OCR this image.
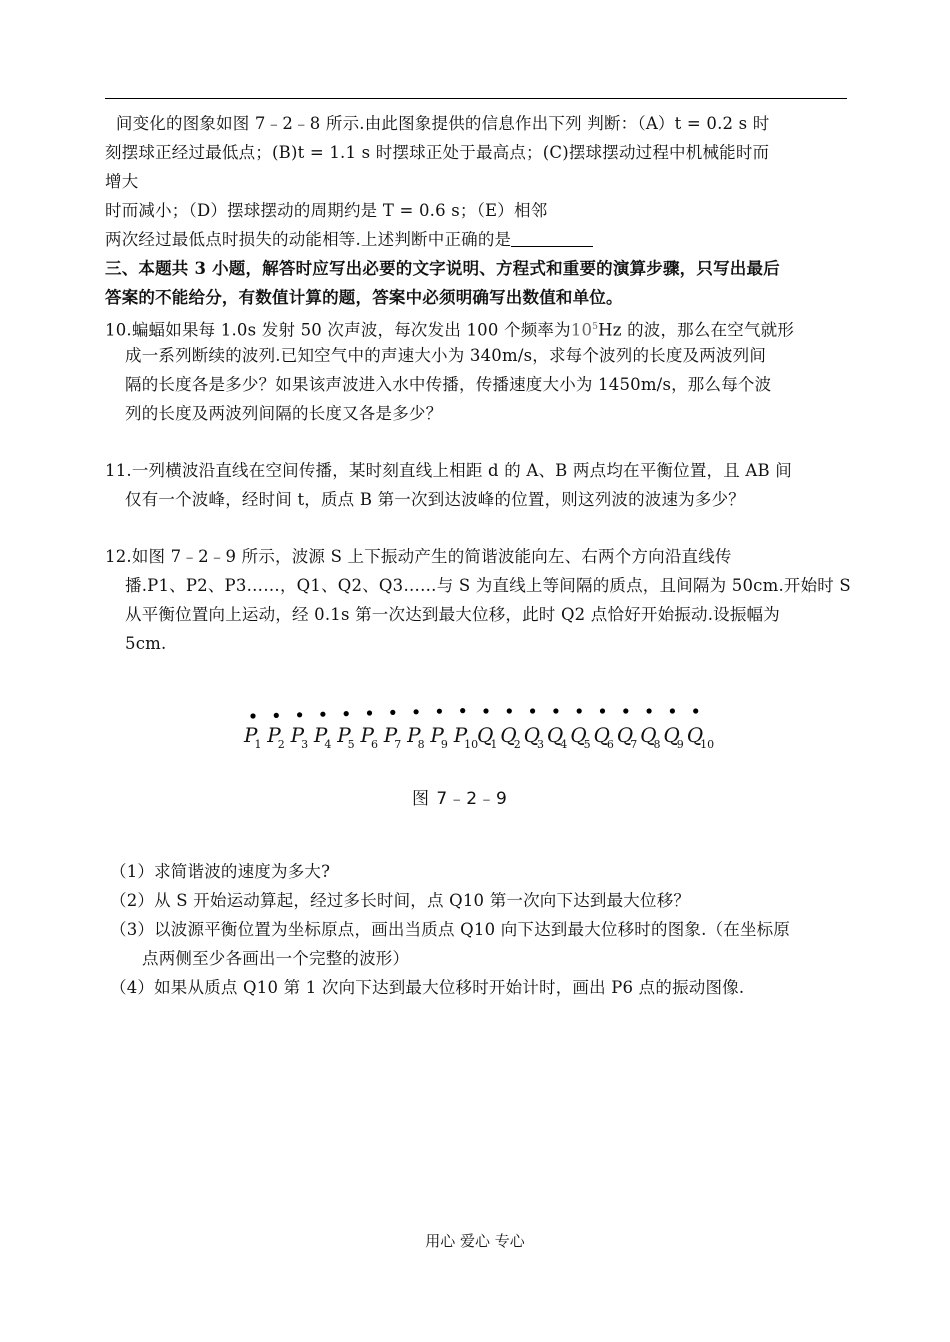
间变化的图象如图 7﹣2﹣8 所示.由此图象提供的信息作出下列 判断：（A）t = 0.2 s 时
刻摆球正经过最低点；(B)t = 1.1 s 时摆球正处于最高点；(C)摆球摆动过程中机械能时而
增大
时而减小；（D）摆球摆动的周期约是 T = 0.6 s；（E）相邻
两次经过最低点时损失的动能相等.上述判断中正确的是
三、本题共 3 小题，解答时应写出必要的文字说明、方程式和重要的演算步骤，只写出最后
答案的不能给分，有数值计算的题，答案中必须明确写出数值和单位。
10.蝙蝠如果每 1.0s 发射 50 次声波，每次发出 100 个频率为$10^5Hz$ 的波，那么在空气就形
成一系列断续的波列.已知空气中的声速大小为 340m/s，求每个波列的长度及两波列间
隔的长度各是多少？如果该声波进入水中传播，传播速度大小为 1450m/s，那么每个波
列的长度及两波列间隔的长度又各是多少？
11.一列横波沿直线在空间传播，某时刻直线上相距 d 的 A、B 两点均在平衡位置，且 AB 间
仅有一个波峰，经时间 t，质点 B 第一次到达波峰的位置，则这列波的波速为多少？
12.如图 7﹣2﹣9 所示，波源 S 上下振动产生的简谐波能向左、右两个方向沿直线传
播.P1、P2、P3……，Q1、Q2、Q3……与 S 为直线上等间隔的质点，且间隔为 50cm.开始时 S
从平衡位置向上运动，经 0.1s 第一次达到最大位移，此时 Q2 点恰好开始振动.设振幅为
5cm.
P1 P2 P3 P4 P5 P6 P7 P8 P9 P10
Q1 Q2 Q3 Q4 Q5 Q6 Q7 Q8 Q9 Q10
图 7﹣2﹣9
（1）求简谐波的速度为多大?
（2）从 S 开始运动算起，经过多长时间，点 Q10 第一次向下达到最大位移？
（3）以波源平衡位置为坐标原点，画出当质点 Q10 向下达到最大位移时的图象.（在坐标原
点两侧至少各画出一个完整的波形）
（4）如果从质点 Q10 第 1 次向下达到最大位移时开始计时，画出 P6 点的振动图像.
用心 爱心 专心
